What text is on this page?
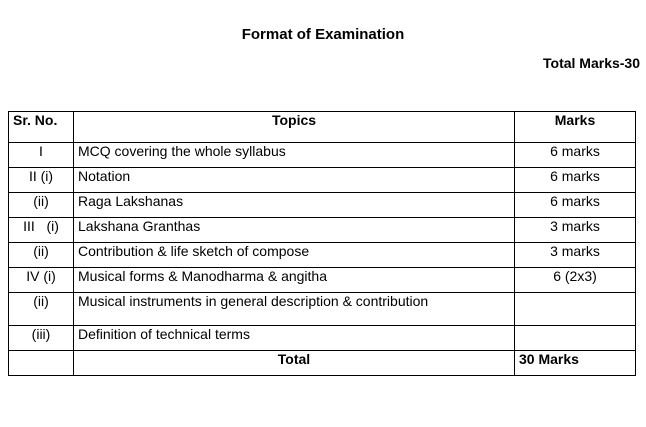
Format of Examination
Total Marks-30
Sr. No.	Topics	Marks
I	MCQ covering the whole syllabus	6 marks
II (i)	Notation	6 marks
(ii)	Raga Lakshanas	6 marks
III   (i)	Lakshana Granthas	3 marks
(ii)	Contribution & life sketch of compose	3 marks
IV (i)	Musical forms & Manodharma & angitha	6 (2x3)
(ii)	Musical instruments in general description & contribution	
(iii)	Definition of technical terms	
	Total	30 Marks
